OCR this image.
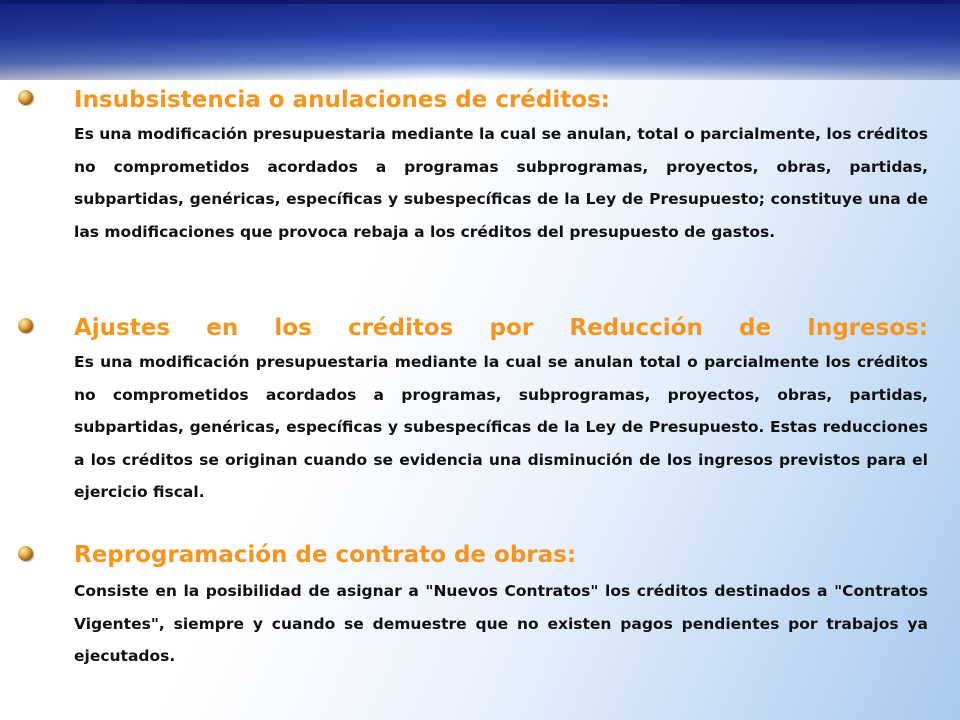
Insubsistencia o anulaciones de créditos:

Es una modificación presupuestaria mediante la cual se anulan, total o parcialmente, los créditos no comprometidos acordados a programas subprogramas, proyectos, obras, partidas, subpartidas, genéricas, específicas y subespecíficas de la Ley de Presupuesto; constituye una de las modificaciones que provoca rebaja a los créditos del presupuesto de gastos.

Ajustes en los créditos por Reducción de Ingresos:

Es una modificación presupuestaria mediante la cual se anulan total o parcialmente los créditos no comprometidos acordados a programas, subprogramas, proyectos, obras, partidas, subpartidas, genéricas, específicas y subespecíficas de la Ley de Presupuesto. Estas reducciones a los créditos se originan cuando se evidencia una disminución de los ingresos previstos para el ejercicio fiscal.

Reprogramación de contrato de obras:

Consiste en la posibilidad de asignar a "Nuevos Contratos" los créditos destinados a "Contratos Vigentes", siempre y cuando se demuestre que no existen pagos pendientes por trabajos ya ejecutados.
